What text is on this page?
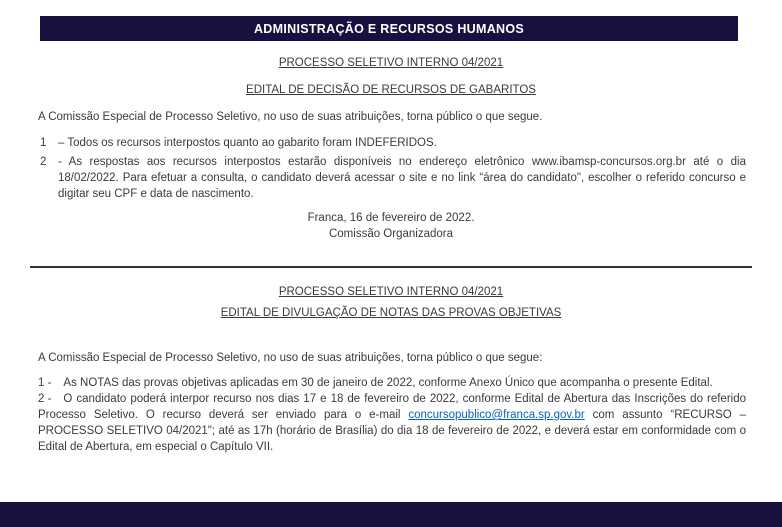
ADMINISTRAÇÃO E RECURSOS HUMANOS
PROCESSO SELETIVO INTERNO 04/2021
EDITAL DE DECISÃO DE RECURSOS DE GABARITOS

A Comissão Especial de Processo Seletivo, no uso de suas atribuições, torna público o que segue.

1	– Todos os recursos interpostos quanto ao gabarito foram INDEFERIDOS.
2	- As respostas aos recursos interpostos estarão disponíveis no endereço eletrônico www.ibamsp-concursos.org.br até o dia 18/02/2022. Para efetuar a consulta, o candidato deverá acessar o site e no link “área do candidato", escolher o referido concurso e digitar seu CPF e data de nascimento.

Franca, 16 de fevereiro de 2022.

Comissão Organizadora

PROCESSO SELETIVO INTERNO 04/2021
EDITAL DE DIVULGAÇÃO DE NOTAS DAS PROVAS OBJETIVAS

A Comissão Especial de Processo Seletivo, no uso de suas atribuições, torna público o que segue:

1 - As NOTAS das provas objetivas aplicadas em 30 de janeiro de 2022, conforme Anexo Único que acompanha o presente Edital.

2 - O candidato poderá interpor recurso nos dias 17 e 18 de fevereiro de 2022, conforme Edital de Abertura das Inscrições do referido Processo Seletivo. O recurso deverá ser enviado para o e-mail concursopublico@franca.sp.gov.br com assunto “RECURSO – PROCESSO SELETIVO 04/2021"; até as 17h (horário de Brasília) do dia 18 de fevereiro de 2022, e deverá estar em conformidade com o Edital de Abertura, em especial o Capítulo VII.
